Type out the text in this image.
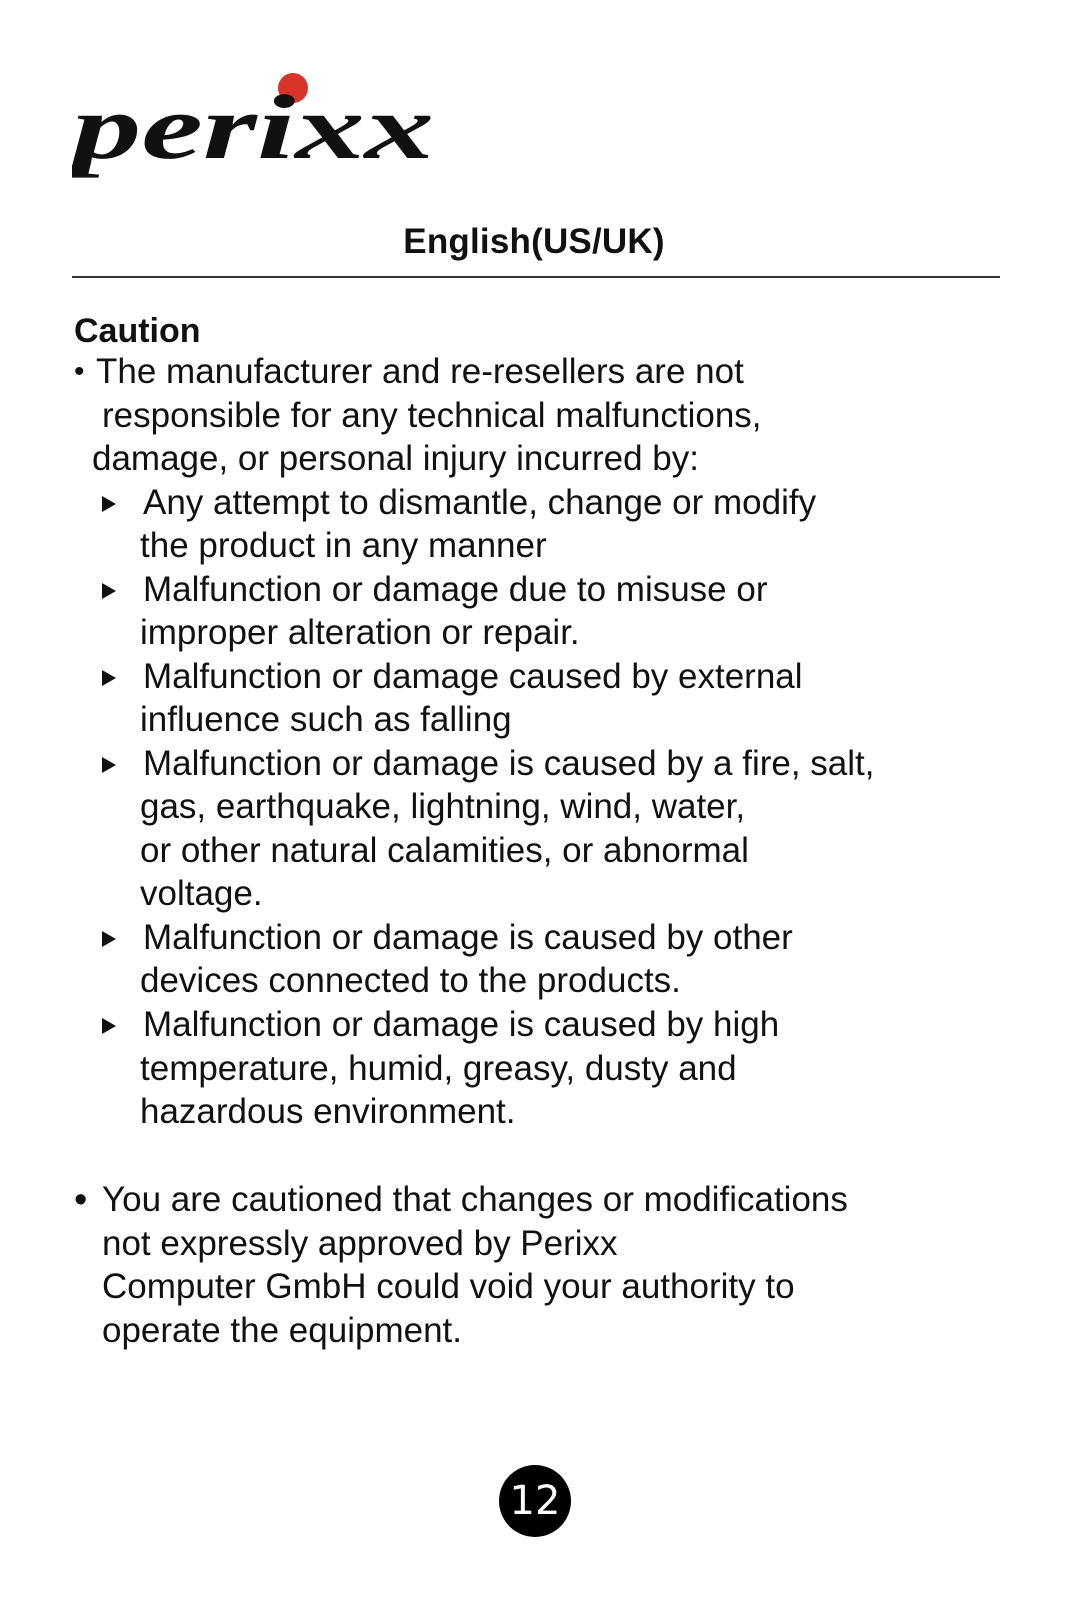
perixx
English(US/UK)
Caution
• The manufacturer and re-resellers are not
responsible for any technical malfunctions,
damage, or personal injury incurred by:
Any attempt to dismantle, change or modify
the product in any manner
Malfunction or damage due to misuse or
improper alteration or repair.
Malfunction or damage caused by external
influence such as falling
Malfunction or damage is caused by a fire, salt,
gas, earthquake, lightning, wind, water,
or other natural calamities, or abnormal
voltage.
Malfunction or damage is caused by other
devices connected to the products.
Malfunction or damage is caused by high
temperature, humid, greasy, dusty and
hazardous environment.
• You are cautioned that changes or modifications
not expressly approved by Perixx
Computer GmbH could void your authority to
operate the equipment.
12
